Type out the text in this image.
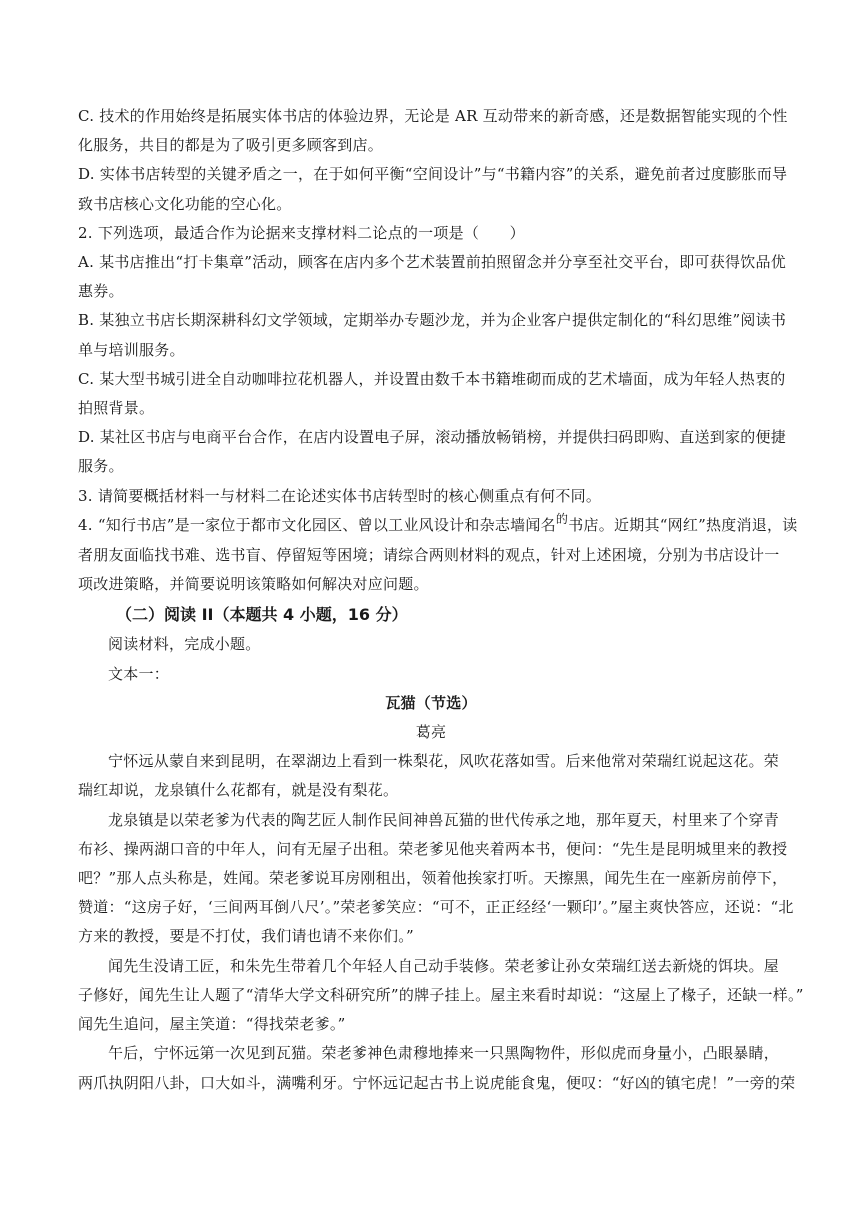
C. 技术的作用始终是拓展实体书店的体验边界，无论是 AR 互动带来的新奇感，还是数据智能实现的个性
化服务，共目的都是为了吸引更多顾客到店。
D. 实体书店转型的关键矛盾之一，在于如何平衡“空间设计”与“书籍内容”的关系，避免前者过度膨胀而导
致书店核心文化功能的空心化。
2. 下列选项，最适合作为论据来支撑材料二论点的一项是（　　）
A. 某书店推出“打卡集章”活动，顾客在店内多个艺术装置前拍照留念并分享至社交平台，即可获得饮品优
惠券。
B. 某独立书店长期深耕科幻文学领域，定期举办专题沙龙，并为企业客户提供定制化的“科幻思维”阅读书
单与培训服务。
C. 某大型书城引进全自动咖啡拉花机器人，并设置由数千本书籍堆砌而成的艺术墙面，成为年轻人热衷的
拍照背景。
D. 某社区书店与电商平台合作，在店内设置电子屏，滚动播放畅销榜，并提供扫码即购、直送到家的便捷
服务。
3. 请简要概括材料一与材料二在论述实体书店转型时的核心侧重点有何不同。
4. “知行书店”是一家位于都市文化园区、曾以工业风设计和杂志墙闻名$^的$书店。近期其“网红”热度消退，读
者朋友面临找书难、选书盲、停留短等困境；请综合两则材料的观点，针对上述困境，分别为书店设计一
项改进策略，并简要说明该策略如何解决对应问题。
（二）阅读 II（本题共 4 小题，16 分）
阅读材料，完成小题。
文本一：
瓦猫（节选）
葛亮
宁怀远从蒙自来到昆明，在翠湖边上看到一株梨花，风吹花落如雪。后来他常对荣瑞红说起这花。荣
瑞红却说，龙泉镇什么花都有，就是没有梨花。
龙泉镇是以荣老爹为代表的陶艺匠人制作民间神兽瓦猫的世代传承之地，那年夏天，村里来了个穿青
布衫、操两湖口音的中年人，问有无屋子出租。荣老爹见他夹着两本书，便问：“先生是昆明城里来的教授
吧？”那人点头称是，姓闻。荣老爹说耳房刚租出，领着他挨家打听。天擦黑，闻先生在一座新房前停下，
赞道：“这房子好，‘三间两耳倒八尺’。”荣老爹笑应：“可不，正正经经‘一颗印’。”屋主爽快答应，还说：“北
方来的教授，要是不打仗，我们请也请不来你们。”
闻先生没请工匠，和朱先生带着几个年轻人自己动手装修。荣老爹让孙女荣瑞红送去新烧的饵块。屋
子修好，闻先生让人题了“清华大学文科研究所”的牌子挂上。屋主来看时却说：“这屋上了椽子，还缺一样。”
闻先生追问，屋主笑道：“得找荣老爹。”
午后，宁怀远第一次见到瓦猫。荣老爹神色肃穆地捧来一只黑陶物件，形似虎而身量小，凸眼暴睛，
两爪执阴阳八卦，口大如斗，满嘴利牙。宁怀远记起古书上说虎能食鬼，便叹：“好凶的镇宅虎！”一旁的荣
